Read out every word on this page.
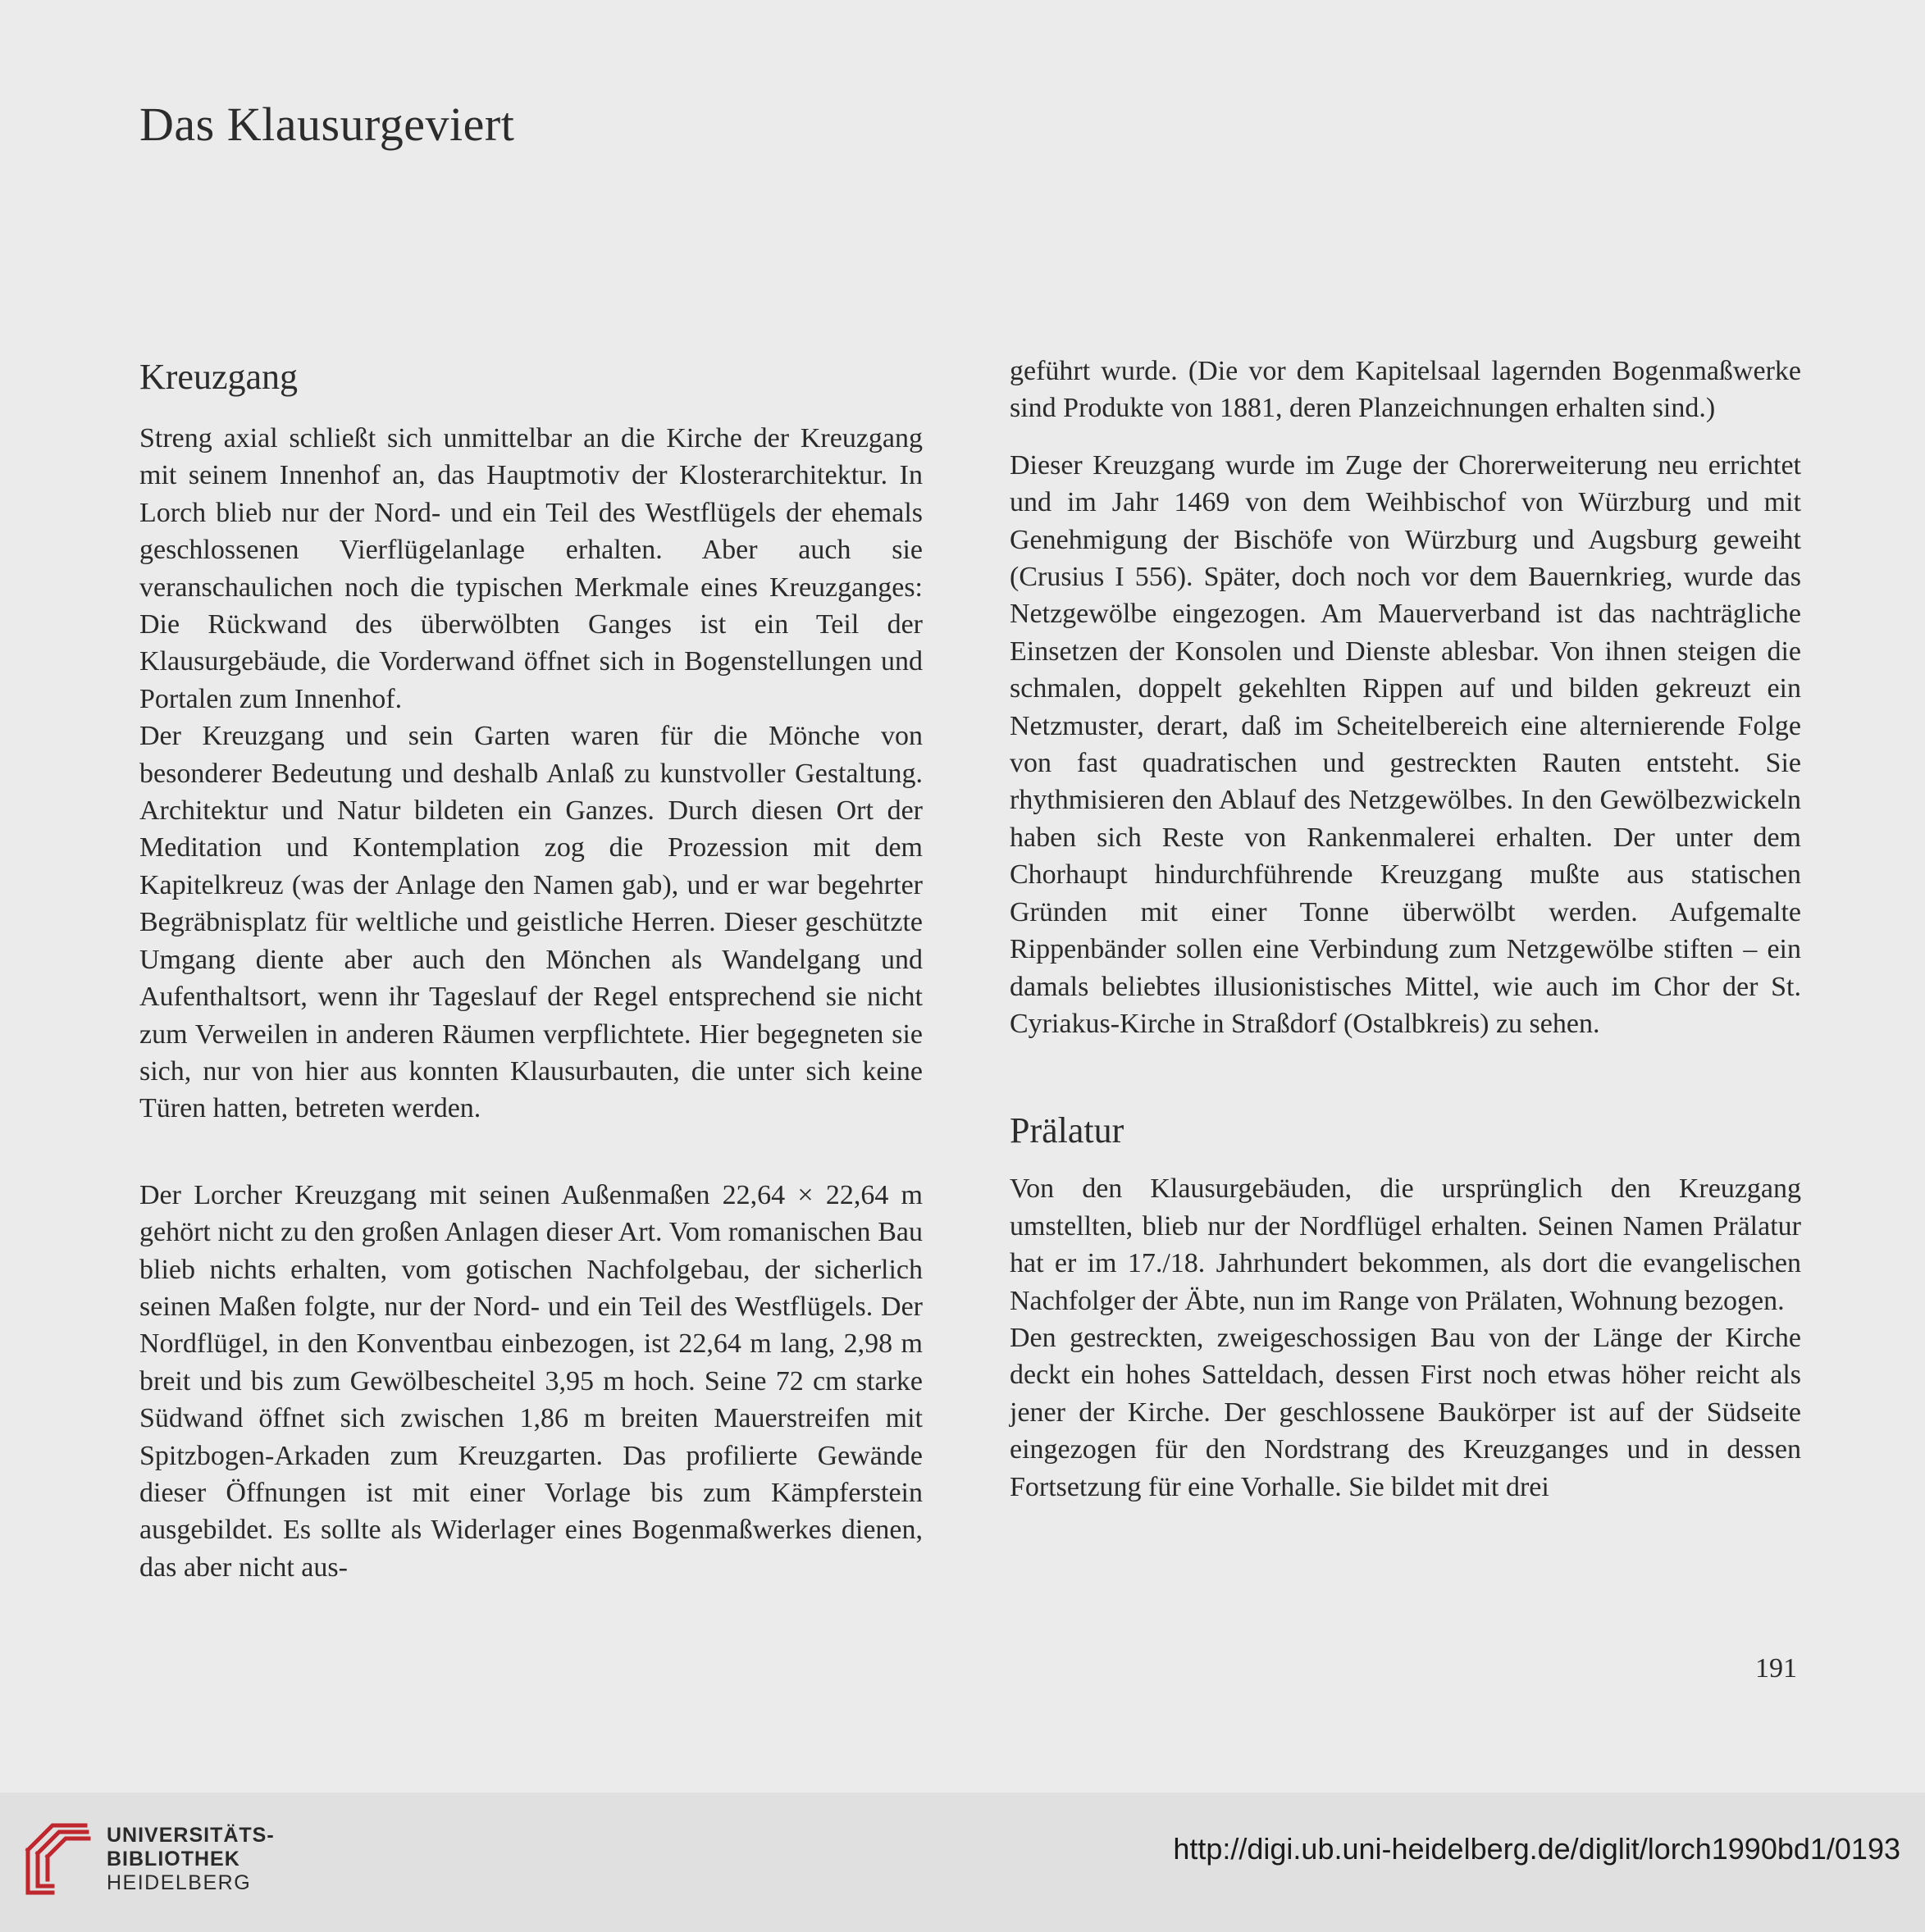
Das Klausurgeviert
Kreuzgang

Streng axial schließt sich unmittelbar an die Kirche der Kreuzgang mit seinem Innenhof an, das Hauptmotiv der Klosterarchitektur. In Lorch blieb nur der Nord- und ein Teil des Westflügels der ehemals geschlossenen Vierflügelanlage erhalten. Aber auch sie veranschaulichen noch die typischen Merkmale eines Kreuzganges: Die Rückwand des überwölbten Ganges ist ein Teil der Klausurgebäude, die Vorderwand öffnet sich in Bogenstellungen und Portalen zum Innenhof.

Der Kreuzgang und sein Garten waren für die Mönche von besonderer Bedeutung und deshalb Anlaß zu kunstvoller Gestaltung. Architektur und Natur bildeten ein Ganzes. Durch diesen Ort der Meditation und Kontemplation zog die Prozession mit dem Kapitelkreuz (was der Anlage den Namen gab), und er war begehrter Begräbnisplatz für weltliche und geistliche Herren. Dieser geschützte Umgang diente aber auch den Mönchen als Wandelgang und Aufenthaltsort, wenn ihr Tageslauf der Regel entsprechend sie nicht zum Verweilen in anderen Räumen verpflichtete. Hier begegneten sie sich, nur von hier aus konnten Klausurbauten, die unter sich keine Türen hatten, betreten werden.

Der Lorcher Kreuzgang mit seinen Außenmaßen 22,64 × 22,64 m gehört nicht zu den großen Anlagen dieser Art. Vom romanischen Bau blieb nichts erhalten, vom gotischen Nachfolgebau, der sicherlich seinen Maßen folgte, nur der Nord- und ein Teil des Westflügels. Der Nordflügel, in den Konventbau einbezogen, ist 22,64 m lang, 2,98 m breit und bis zum Gewölbescheitel 3,95 m hoch. Seine 72 cm starke Südwand öffnet sich zwischen 1,86 m breiten Mauerstreifen mit Spitzbogen-Arkaden zum Kreuzgarten. Das profilierte Gewände dieser Öffnungen ist mit einer Vorlage bis zum Kämpferstein ausgebildet. Es sollte als Widerlager eines Bogenmaßwerkes dienen, das aber nicht aus-

geführt wurde. (Die vor dem Kapitelsaal lagernden Bogenmaßwerke sind Produkte von 1881, deren Planzeichnungen erhalten sind.)

Dieser Kreuzgang wurde im Zuge der Chorerweiterung neu errichtet und im Jahr 1469 von dem Weihbischof von Würzburg und mit Genehmigung der Bischöfe von Würzburg und Augsburg geweiht (Crusius I 556). Später, doch noch vor dem Bauernkrieg, wurde das Netzgewölbe eingezogen. Am Mauerverband ist das nachträgliche Einsetzen der Konsolen und Dienste ablesbar. Von ihnen steigen die schmalen, doppelt gekehlten Rippen auf und bilden gekreuzt ein Netzmuster, derart, daß im Scheitelbereich eine alternierende Folge von fast quadratischen und gestreckten Rauten entsteht. Sie rhythmisieren den Ablauf des Netzgewölbes. In den Gewölbezwickeln haben sich Reste von Rankenmalerei erhalten. Der unter dem Chorhaupt hindurchführende Kreuzgang mußte aus statischen Gründen mit einer Tonne überwölbt werden. Aufgemalte Rippenbänder sollen eine Verbindung zum Netzgewölbe stiften – ein damals beliebtes illusionistisches Mittel, wie auch im Chor der St. Cyriakus-Kirche in Straßdorf (Ostalbkreis) zu sehen.

Prälatur

Von den Klausurgebäuden, die ursprünglich den Kreuzgang umstellten, blieb nur der Nordflügel erhalten. Seinen Namen Prälatur hat er im 17./18. Jahrhundert bekommen, als dort die evangelischen Nachfolger der Äbte, nun im Range von Prälaten, Wohnung bezogen.

Den gestreckten, zweigeschossigen Bau von der Länge der Kirche deckt ein hohes Satteldach, dessen First noch etwas höher reicht als jener der Kirche. Der geschlossene Baukörper ist auf der Südseite eingezogen für den Nordstrang des Kreuzganges und in dessen Fortsetzung für eine Vorhalle. Sie bildet mit drei

191
UNIVERSITÄTS-
BIBLIOTHEK
HEIDELBERG
http://digi.ub.uni-heidelberg.de/diglit/lorch1990bd1/0193
